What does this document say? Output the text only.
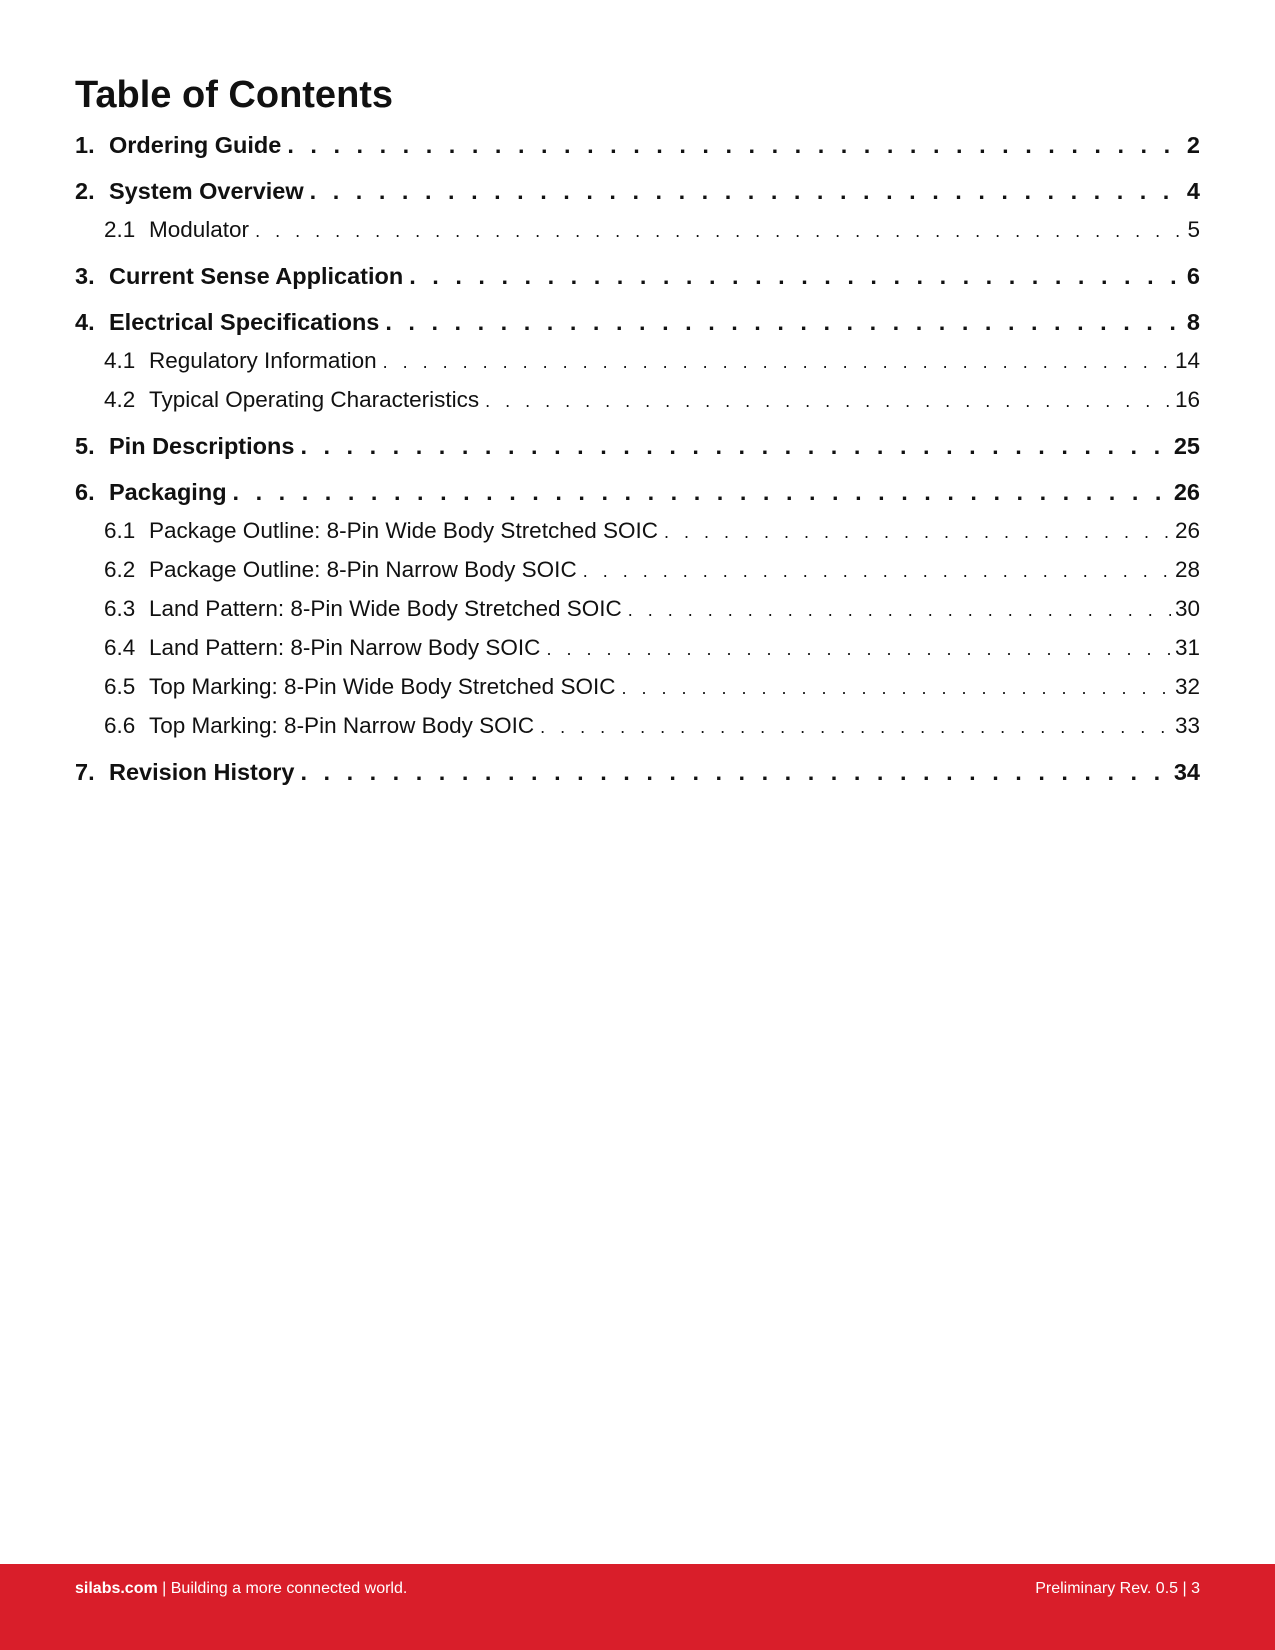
Table of Contents
1. Ordering Guide . . .	2
2. System Overview . . .	4
2.1 Modulator . . .	5
3. Current Sense Application . . .	6
4. Electrical Specifications . . .	8
4.1 Regulatory Information . . .	14
4.2 Typical Operating Characteristics . . .	16
5. Pin Descriptions . . .	25
6. Packaging . . .	26
6.1 Package Outline: 8-Pin Wide Body Stretched SOIC . . .	26
6.2 Package Outline: 8-Pin Narrow Body SOIC . . .	28
6.3 Land Pattern: 8-Pin Wide Body Stretched SOIC . . .	30
6.4 Land Pattern: 8-Pin Narrow Body SOIC . . .	31
6.5 Top Marking: 8-Pin Wide Body Stretched SOIC . . .	32
6.6 Top Marking: 8-Pin Narrow Body SOIC . . .	33
7. Revision History . . .	34
silabs.com | Building a more connected world.	Preliminary Rev. 0.5 | 3
